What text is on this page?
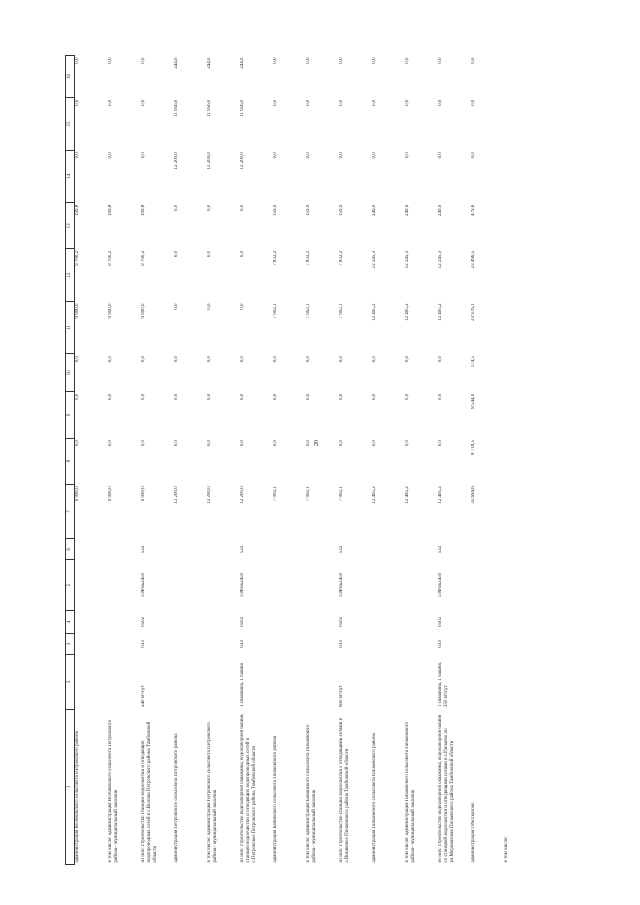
20
1	2	3	4	5	6	7	8	9	10	11	12	13	14	15	16
администрация Волчковского сельсовета Петровского района						9 990,0	0,0	0,0	0,0	9 990,0	9 790,2	199,8	0,0	0,0	0,0
в том числе: администрация Волчковского сельсовета Петровского района– муниципальный заказчик						9 990,0	0,0	0,0	0,0	9 990,0	9 790,2	199,8	0,0	0,0	0,0
из них: строительство станции водоочистки и отводящих водопроводных сетей в с.Волчки Петровского района Тамбовской области	240 м³/сут	033	0502	13Ф5Б2450	522	9 990,0	0,0	0,0	0,0	9 990,0	9 790,2	199,8	0,0	0,0	0,0
администрация Петровского сельсовета Петровского района						12 200,0	0,0	0,0	0,0	0,0	0,0	0,0	12 200,0	11 956,0	244,0
в том числе: администрация Петровского сельсовета Петровского района– муниципальный заказчик						12 200,0	0,0	0,0	0,0	0,0	0,0	0,0	12 200,0	11 956,0	244,0
из них: строительство водозаборной скважины, водонапорной башни, станции водоочистки и отводящих водопроводных сетей в с.Петровское Петровского района Тамбовской области	1 скважина, 1 башня	033	0502	13Ф5Б2450	522	12 200,0	0,0	0,0	0,0	0,0	0,0	0,0	12 200,0	11 956,0	244,0
администрация Бабинского сельсовета Пичаевского района						7 992,1	0,0	0,0	0,0	7 992,1	7 832,2	159,9	0,0	0,0	0,0
в том числе: администрация Бабинского сельсовета Пичаевского района– муниципальный заказчик						7 992,1	0,0	0,0	0,0	7 992,1	7 832,2	159,9	0,0	0,0	0,0
из них: строительство станции водоочистки с отводящими сетями в с.Вишневое Пичаевского района Тамбовской области	600 м³/сут	033	0502	13Ф5Б2450	522	7 992,1	0,0	0,0	0,0	7 992,1	7 832,2	159,9	0,0	0,0	0,0
администрация Пичаевского сельсовета Пичаевского района						12 495,2	0,0	0,0	0,0	12 495,2	12 245,3	249,9	0,0	0,0	0,0
в том числе: администрация Пичаевского сельсовета Пичаевского района– муниципальный заказчик						12 495,2	0,0	0,0	0,0	12 495,2	12 245,3	249,9	0,0	0,0	0,0
из них: строительство водозаборной скважины, водонапорной башни со станцией водоочистки и отводящими сетями в с.Пичаево по ул.Моршанская Пичаевского района Тамбовской области	1 скважина, 1 башня, 250 м³/сут	033	0502	13Ф5Б2450	522	12 495,2	0,0	0,0	0,0	12 495,2	12 245,3	249,9	0,0	0,0	0,0
администрация г.Рассказово						32 694,6	8 718,5	8 544,0	174,5	23 976,1	23 496,5	479,6	0,0	0,0	0,0
в том числе:															
